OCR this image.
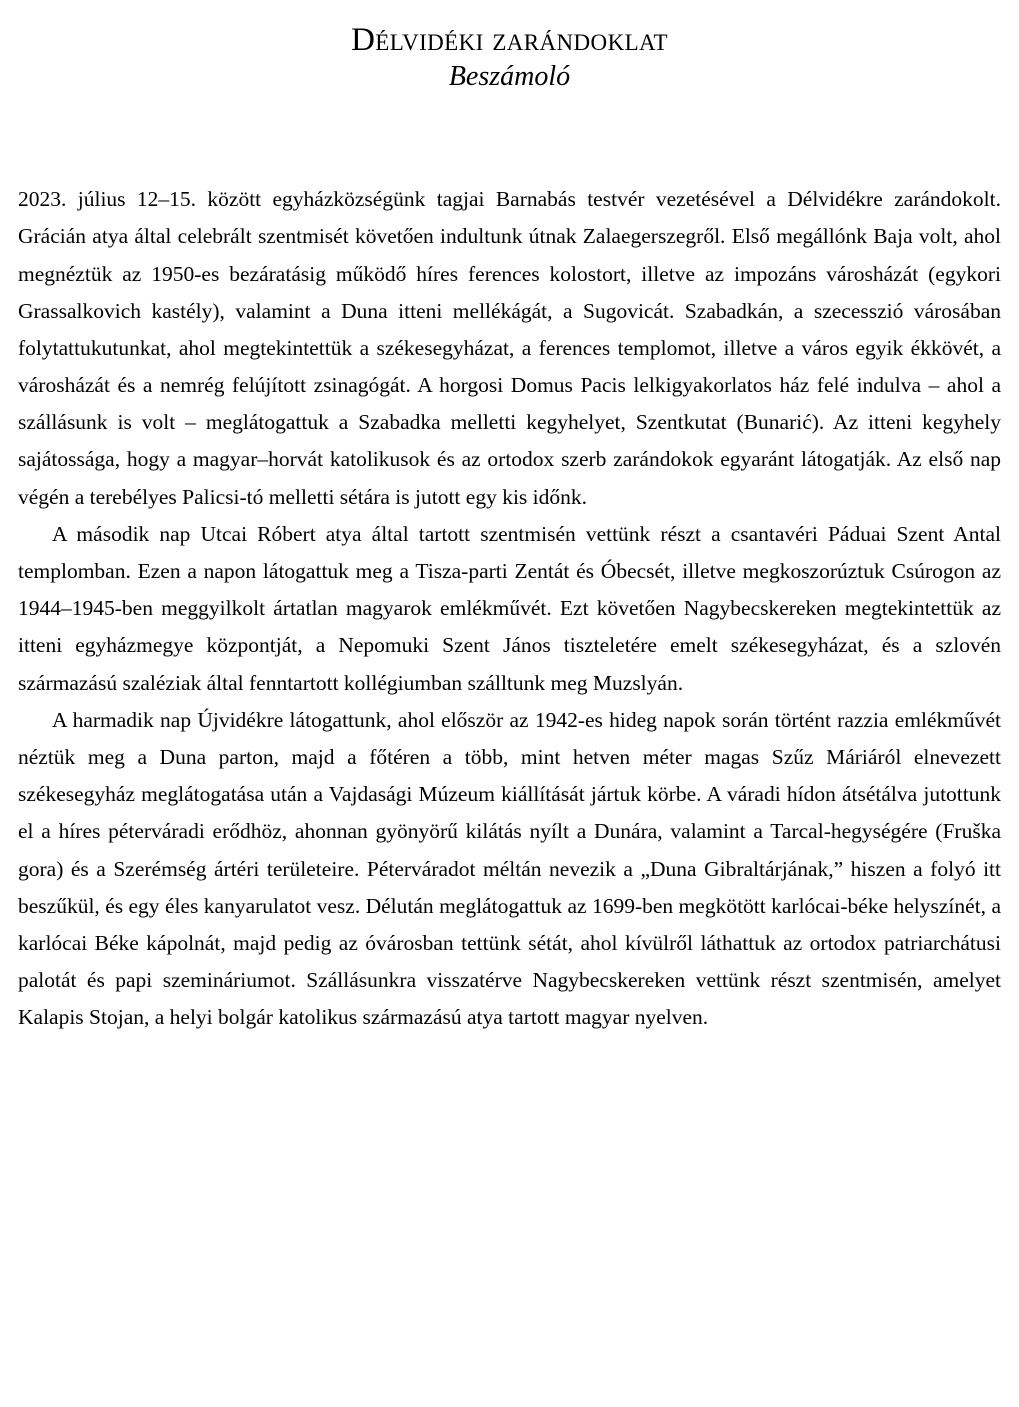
Délvidéki zarándoklat
Beszámoló

2023. július 12–15. között egyházközségünk tagjai Barnabás testvér vezetésével a Délvidékre zarándokolt. Grácián atya által celebrált szentmisét követően indultunk útnak Zalaegerszegről. Első megállónk Baja volt, ahol megnéztük az 1950-es bezáratásig működő híres ferences kolostort, illetve az impozáns városházát (egykori Grassalkovich kastély), valamint a Duna itteni mellékágát, a Sugovicát. Szabadkán, a szecesszió városában folytattukutunkat, ahol megtekintettük a székesegyházat, a ferences templomot, illetve a város egyik ékkövét, a városházát és a nemrég felújított zsinagógát. A horgosi Domus Pacis lelkigyakorlatos ház felé indulva – ahol a szállásunk is volt – meglátogattuk a Szabadka melletti kegyhelyet, Szentkutat (Bunarić). Az itteni kegyhely sajátossága, hogy a magyar–horvát katolikusok és az ortodox szerb zarándokok egyaránt látogatják. Az első nap végén a terebélyes Palicsi-tó melletti sétára is jutott egy kis időnk.

A második nap Utcai Róbert atya által tartott szentmisén vettünk részt a csantavéri Páduai Szent Antal templomban. Ezen a napon látogattuk meg a Tisza-parti Zentát és Óbecsét, illetve megkoszorúztuk Csúrogon az 1944–1945-ben meggyilkolt ártatlan magyarok emlékművét. Ezt követően Nagybecskereken megtekintettük az itteni egyházmegye központját, a Nepomuki Szent János tiszteletére emelt székesegyházat, és a szlovén származású szaléziak által fenntartott kollégiumban szálltunk meg Muzslyán.

A harmadik nap Újvidékre látogattunk, ahol először az 1942-es hideg napok során történt razzia emlékművét néztük meg a Duna parton, majd a főtéren a több, mint hetven méter magas Szűz Máriáról elnevezett székesegyház meglátogatása után a Vajdasági Múzeum kiállítását jártuk körbe. A váradi hídon átsétálva jutottunk el a híres péterváradi erődhöz, ahonnan gyönyörű kilátás nyílt a Dunára, valamint a Tarcal-hegységére (Fruška gora) és a Szerémség ártéri területeire. Péterváradot méltán nevezik a „Duna Gibraltárjának,” hiszen a folyó itt beszűkül, és egy éles kanyarulatot vesz. Délután meglátogattuk az 1699-ben megkötött karlócai-béke helyszínét, a karlócai Béke kápolnát, majd pedig az óvárosban tettünk sétát, ahol kívülről láthattuk az ortodox patriarchátusi palotát és papi szemináriumot. Szállásunkra visszatérve Nagybecskereken vettünk részt szentmisén, amelyet Kalapis Stojan, a helyi bolgár katolikus származású atya tartott magyar nyelven.
